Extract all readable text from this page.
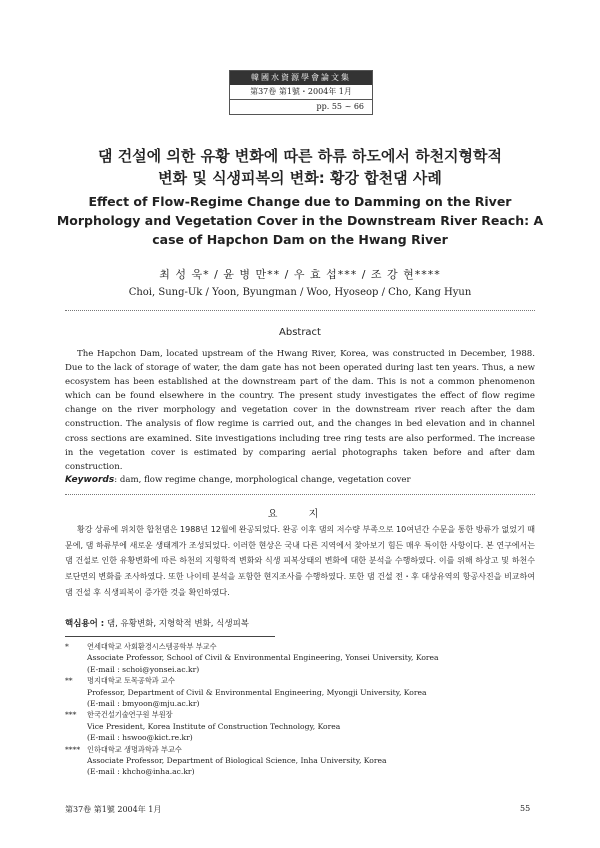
韓國水資源學會論文集
第37卷 第1號・2004年 1月
pp. 55 ~ 66
댐 건설에 의한 유황 변화에 따른 하류 하도에서 하천지형학적
변화 및 식생피복의 변화: 황강 합천댐 사례
Effect of Flow-Regime Change due to Damming on the River Morphology and Vegetation Cover in the Downstream River Reach: A case of Hapchon Dam on the Hwang River
최 성 욱* / 윤 병 만** / 우 효 섭*** / 조 강 현****
Choi, Sung-Uk / Yoon, Byungman / Woo, Hyoseop / Cho, Kang Hyun
Abstract

The Hapchon Dam, located upstream of the Hwang River, Korea, was constructed in December, 1988. Due to the lack of storage of water, the dam gate has not been operated during last ten years. Thus, a new ecosystem has been established at the downstream part of the dam. This is not a common phenomenon which can be found elsewhere in the country. The present study investigates the effect of flow regime change on the river morphology and vegetation cover in the downstream river reach after the dam construction. The analysis of flow regime is carried out, and the changes in bed elevation and in channel cross sections are examined. Site investigations including tree ring tests are also performed. The increase in the vegetation cover is estimated by comparing aerial photographs taken before and after dam construction.

Keywords: dam, flow regime change, morphological change, vegetation cover
요 지

황강 상류에 위치한 합천댐은 1988년 12월에 완공되었다. 완공 이후 댐의 저수량 부족으로 10여년간 수문을 통한 방류가 없었기 때문에, 댐 하류부에 새로운 생태계가 조성되었다. 이러한 현상은 국내 다른 지역에서 찾아보기 힘든 매우 특이한 사항이다. 본 연구에서는 댐 건설로 인한 유황변화에 따른 하천의 지형학적 변화와 식생 피복상태의 변화에 대한 분석을 수행하였다. 이를 위해 하상고 및 하천수로단면의 변화를 조사하였다. 또한 나이테 분석을 포함한 현지조사를 수행하였다. 또한 댐 건설 전・후 대상유역의 항공사진을 비교하여 댐 건설 후 식생피복이 증가한 것을 확인하였다.

핵심용어 : 댐, 유황변화, 지형학적 변화, 식생피복
*	연세대학교 사회환경시스템공학부 부교수
Associate Professor, School of Civil & Environmental Engineering, Yonsei University, Korea
(E-mail : schoi@yonsei.ac.kr)
**	명지대학교 토목공학과 교수
Professor, Department of Civil & Environmental Engineering, Myongji University, Korea
(E-mail : bmyoon@mju.ac.kr)
***	한국건설기술연구원 부원장
Vice President, Korea Institute of Construction Technology, Korea
(E-mail : hswoo@kict.re.kr)
**** 인하대학교 생명과학과 부교수
Associate Professor, Department of Biological Science, Inha University, Korea
(E-mail : khcho@inha.ac.kr)
第37卷 第1號 2004年 1月	55
